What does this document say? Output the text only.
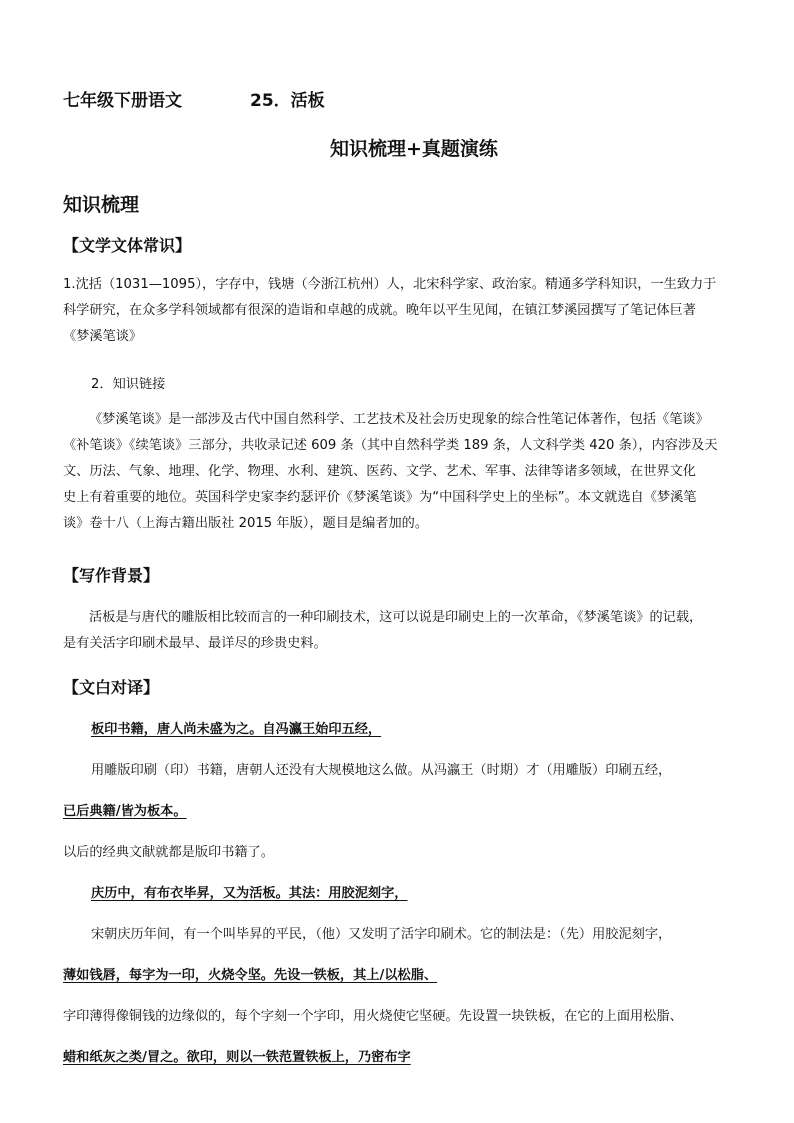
七年级下册语文	25．活板
知识梳理+真题演练
知识梳理
【文学文体常识】
1.沈括（1031—1095），字存中，钱塘（今浙江杭州）人，北宋科学家、政治家。精通多学科知识，一生致力于
科学研究，在众多学科领域都有很深的造诣和卓越的成就。晚年以平生见闻，在镇江梦溪园撰写了笔记体巨著
《梦溪笔谈》
2．知识链接
《梦溪笔谈》是一部涉及古代中国自然科学、工艺技术及社会历史现象的综合性笔记体著作，包括《笔谈》
《补笔谈》《续笔谈》三部分，共收录记述 609 条（其中自然科学类 189 条，人文科学类 420 条），内容涉及天
文、历法、气象、地理、化学、物理、水利、建筑、医药、文学、艺术、军事、法律等诸多领域，在世界文化
史上有着重要的地位。英国科学史家李约瑟评价《梦溪笔谈》为“中国科学史上的坐标”。本文就选自《梦溪笔
谈》卷十八（上海古籍出版社 2015 年版），题目是编者加的。
【写作背景】
活板是与唐代的雕版相比较而言的一种印刷技术，这可以说是印刷史上的一次革命，《梦溪笔谈》的记载，
是有关活字印刷术最早、最详尽的珍贵史料。
【文白对译】
板印书籍，唐人尚未盛为之。自冯瀛王始印五经，
用雕版印刷（印）书籍，唐朝人还没有大规模地这么做。从冯瀛王（时期）才（用雕版）印刷五经，
已后典籍/皆为板本。
以后的经典文献就都是版印书籍了。
庆历中，有布衣毕昇，又为活板。其法：用胶泥刻字，
宋朝庆历年间，有一个叫毕昇的平民，（他）又发明了活字印刷术。它的制法是：（先）用胶泥刻字，
薄如钱唇，每字为一印，火烧令坚。先设一铁板，其上/以松脂、
字印薄得像铜钱的边缘似的，每个字刻一个字印，用火烧使它坚硬。先设置一块铁板，在它的上面用松脂、
蜡和纸灰之类/冒之。欲印，则以一铁范置铁板上，乃密布字
